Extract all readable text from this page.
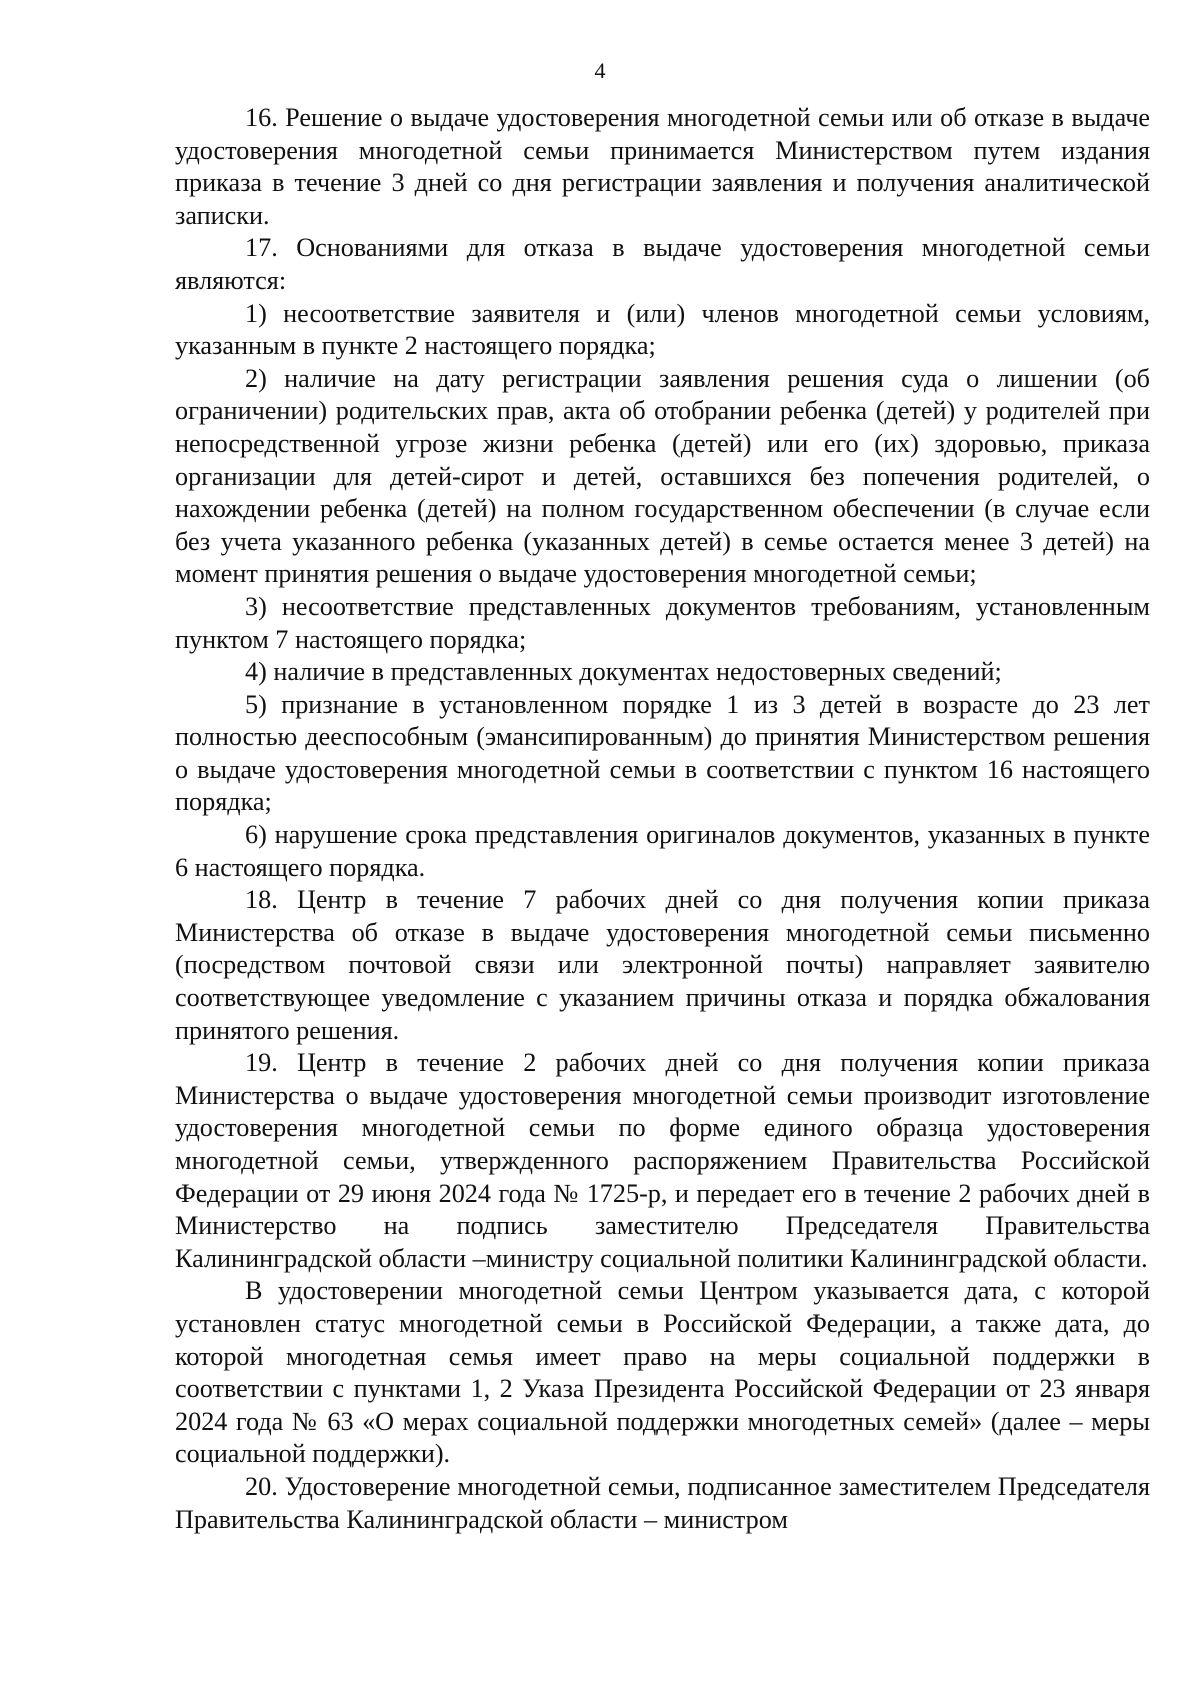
4

16. Решение о выдаче удостоверения многодетной семьи или об отказе в выдаче удостоверения многодетной семьи принимается Министерством путем издания приказа в течение 3 дней со дня регистрации заявления и получения аналитической записки.

17. Основаниями для отказа в выдаче удостоверения многодетной семьи являются:

1) несоответствие заявителя и (или) членов многодетной семьи условиям, указанным в пункте 2 настоящего порядка;

2) наличие на дату регистрации заявления решения суда о лишении (об ограничении) родительских прав, акта об отобрании ребенка (детей) у родителей при непосредственной угрозе жизни ребенка (детей) или его (их) здоровью, приказа организации для детей-сирот и детей, оставшихся без попечения родителей, о нахождении ребенка (детей) на полном государственном обеспечении (в случае если без учета указанного ребенка (указанных детей) в семье остается менее 3 детей) на момент принятия решения о выдаче удостоверения многодетной семьи;

3) несоответствие представленных документов требованиям, установленным пунктом 7 настоящего порядка;

4) наличие в представленных документах недостоверных сведений;

5) признание в установленном порядке 1 из 3 детей в возрасте до 23 лет полностью дееспособным (эмансипированным) до принятия Министерством решения о выдаче удостоверения многодетной семьи в соответствии с пунктом 16 настоящего порядка;

6) нарушение срока представления оригиналов документов, указанных в пункте 6 настоящего порядка.

18. Центр в течение 7 рабочих дней со дня получения копии приказа Министерства об отказе в выдаче удостоверения многодетной семьи письменно (посредством почтовой связи или электронной почты) направляет заявителю соответствующее уведомление с указанием причины отказа и порядка обжалования принятого решения.

19. Центр в течение 2 рабочих дней со дня получения копии приказа Министерства о выдаче удостоверения многодетной семьи производит изготовление удостоверения многодетной семьи по форме единого образца удостоверения многодетной семьи, утвержденного распоряжением Правительства Российской Федерации от 29 июня 2024 года № 1725-р, и передает его в течение 2 рабочих дней в Министерство на подпись заместителю Председателя Правительства Калининградской области –министру социальной политики Калининградской области.

В удостоверении многодетной семьи Центром указывается дата, с которой установлен статус многодетной семьи в Российской Федерации, а также дата, до которой многодетная семья имеет право на меры социальной поддержки в соответствии с пунктами 1, 2 Указа Президента Российской Федерации от 23 января 2024 года № 63 «О мерах социальной поддержки многодетных семей» (далее – меры социальной поддержки).

20. Удостоверение многодетной семьи, подписанное заместителем Председателя Правительства Калининградской области – министром
